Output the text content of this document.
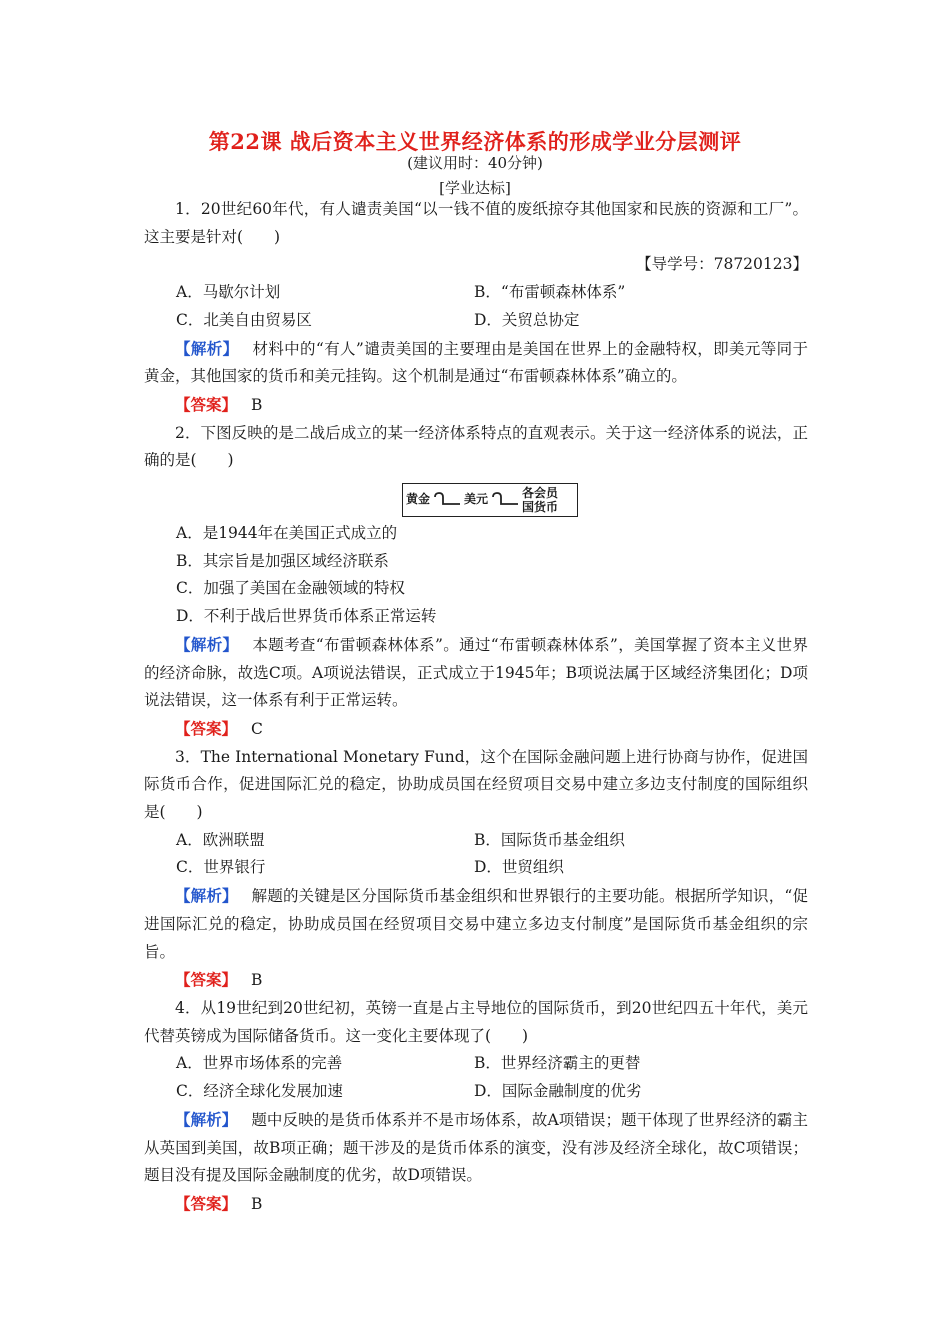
第22课 战后资本主义世界经济体系的形成学业分层测评
(建议用时：40分钟)
[学业达标]

1．20世纪60年代，有人谴责美国“以一钱不值的废纸掠夺其他国家和民族的资源和工厂”。这主要是针对(　　)

【导学号：78720123】

A．马歇尔计划	B．“布雷顿森林体系”
C．北美自由贸易区	D．关贸总协定

【解析】 材料中的“有人”谴责美国的主要理由是美国在世界上的金融特权，即美元等同于黄金，其他国家的货币和美元挂钩。这个机制是通过“布雷顿森林体系”确立的。

【答案】 B

2．下图反映的是二战后成立的某一经济体系特点的直观表示。关于这一经济体系的说法，正确的是(　　)

黄金	美元	各会员
国货币
A．是1944年在美国正式成立的
B．其宗旨是加强区域经济联系
C．加强了美国在金融领域的特权
D．不利于战后世界货币体系正常运转

【解析】 本题考查“布雷顿森林体系”。通过“布雷顿森林体系”，美国掌握了资本主义世界的经济命脉，故选C项。A项说法错误，正式成立于1945年；B项说法属于区域经济集团化；D项说法错误，这一体系有利于正常运转。

【答案】 C

3．The International Monetary Fund，这个在国际金融问题上进行协商与协作，促进国际货币合作，促进国际汇兑的稳定，协助成员国在经贸项目交易中建立多边支付制度的国际组织是(　　)

A．欧洲联盟	B．国际货币基金组织
C．世界银行	D．世贸组织

【解析】 解题的关键是区分国际货币基金组织和世界银行的主要功能。根据所学知识，“促进国际汇兑的稳定，协助成员国在经贸项目交易中建立多边支付制度”是国际货币基金组织的宗旨。

【答案】 B

4．从19世纪到20世纪初，英镑一直是占主导地位的国际货币，到20世纪四五十年代，美元代替英镑成为国际储备货币。这一变化主要体现了(　　)

A．世界市场体系的完善	B．世界经济霸主的更替
C．经济全球化发展加速	D．国际金融制度的优劣

【解析】 题中反映的是货币体系并不是市场体系，故A项错误；题干体现了世界经济的霸主从英国到美国，故B项正确；题干涉及的是货币体系的演变，没有涉及经济全球化，故C项错误；题目没有提及国际金融制度的优劣，故D项错误。

【答案】 B
